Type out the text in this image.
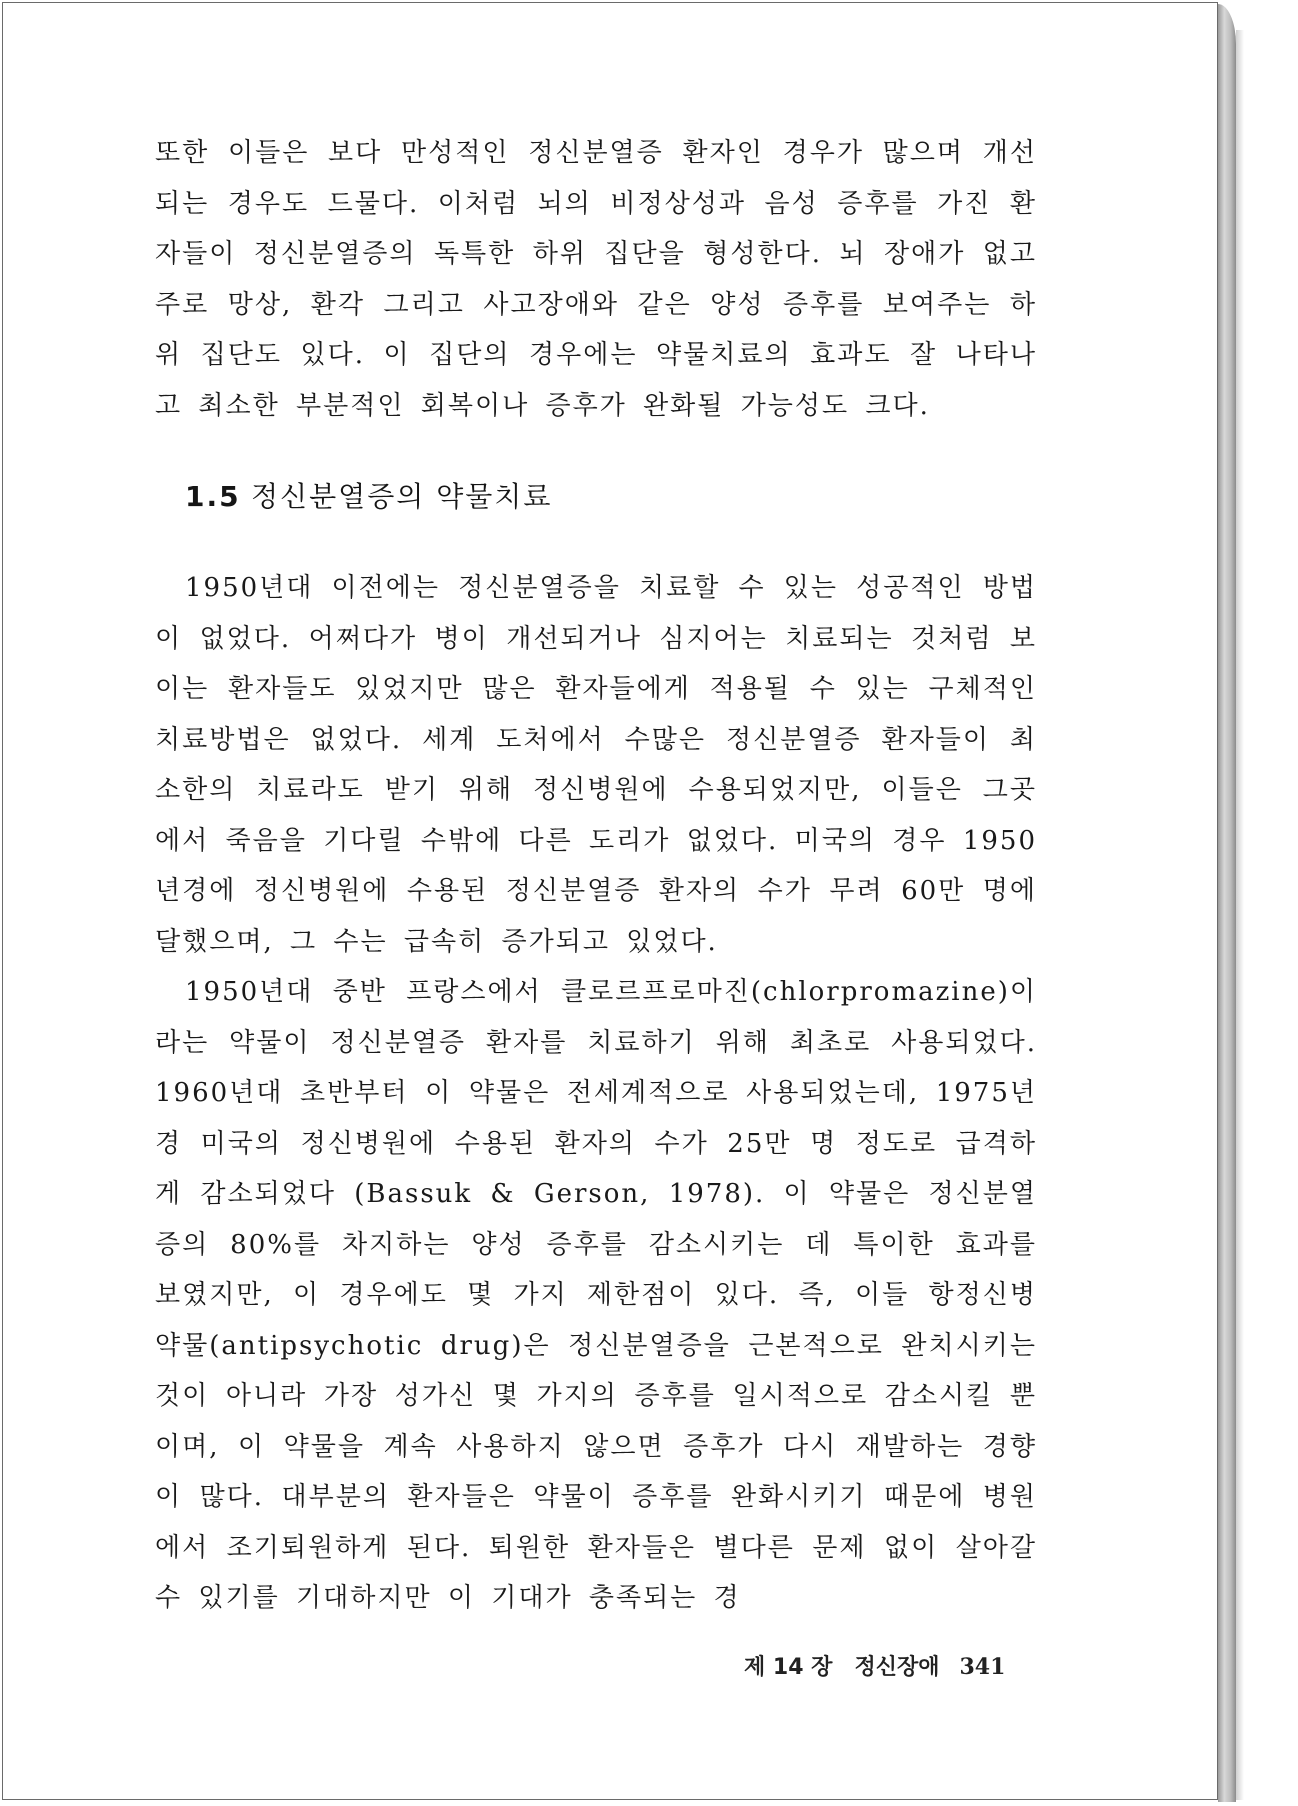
또한 이들은 보다 만성적인 정신분열증 환자인 경우가 많으며 개선되는 경우도 드물다. 이처럼 뇌의 비정상성과 음성 증후를 가진 환자들이 정신분열증의 독특한 하위 집단을 형성한다. 뇌 장애가 없고 주로 망상, 환각 그리고 사고장애와 같은 양성 증후를 보여주는 하위 집단도 있다. 이 집단의 경우에는 약물치료의 효과도 잘 나타나고 최소한 부분적인 회복이나 증후가 완화될 가능성도 크다.

1.5 정신분열증의 약물치료

1950년대 이전에는 정신분열증을 치료할 수 있는 성공적인 방법이 없었다. 어쩌다가 병이 개선되거나 심지어는 치료되는 것처럼 보이는 환자들도 있었지만 많은 환자들에게 적용될 수 있는 구체적인 치료방법은 없었다. 세계 도처에서 수많은 정신분열증 환자들이 최소한의 치료라도 받기 위해 정신병원에 수용되었지만, 이들은 그곳에서 죽음을 기다릴 수밖에 다른 도리가 없었다. 미국의 경우 1950년경에 정신병원에 수용된 정신분열증 환자의 수가 무려 60만 명에 달했으며, 그 수는 급속히 증가되고 있었다.

1950년대 중반 프랑스에서 클로르프로마진(chlorpromazine)이라는 약물이 정신분열증 환자를 치료하기 위해 최초로 사용되었다. 1960년대 초반부터 이 약물은 전세계적으로 사용되었는데, 1975년경 미국의 정신병원에 수용된 환자의 수가 25만 명 정도로 급격하게 감소되었다 (Bassuk & Gerson, 1978). 이 약물은 정신분열증의 80%를 차지하는 양성 증후를 감소시키는 데 특이한 효과를 보였지만, 이 경우에도 몇 가지 제한점이 있다. 즉, 이들 항정신병 약물(antipsychotic drug)은 정신분열증을 근본적으로 완치시키는 것이 아니라 가장 성가신 몇 가지의 증후를 일시적으로 감소시킬 뿐이며, 이 약물을 계속 사용하지 않으면 증후가 다시 재발하는 경향이 많다. 대부분의 환자들은 약물이 증후를 완화시키기 때문에 병원에서 조기퇴원하게 된다. 퇴원한 환자들은 별다른 문제 없이 살아갈 수 있기를 기대하지만 이 기대가 충족되는 경

제 14 장 정신장애 341
